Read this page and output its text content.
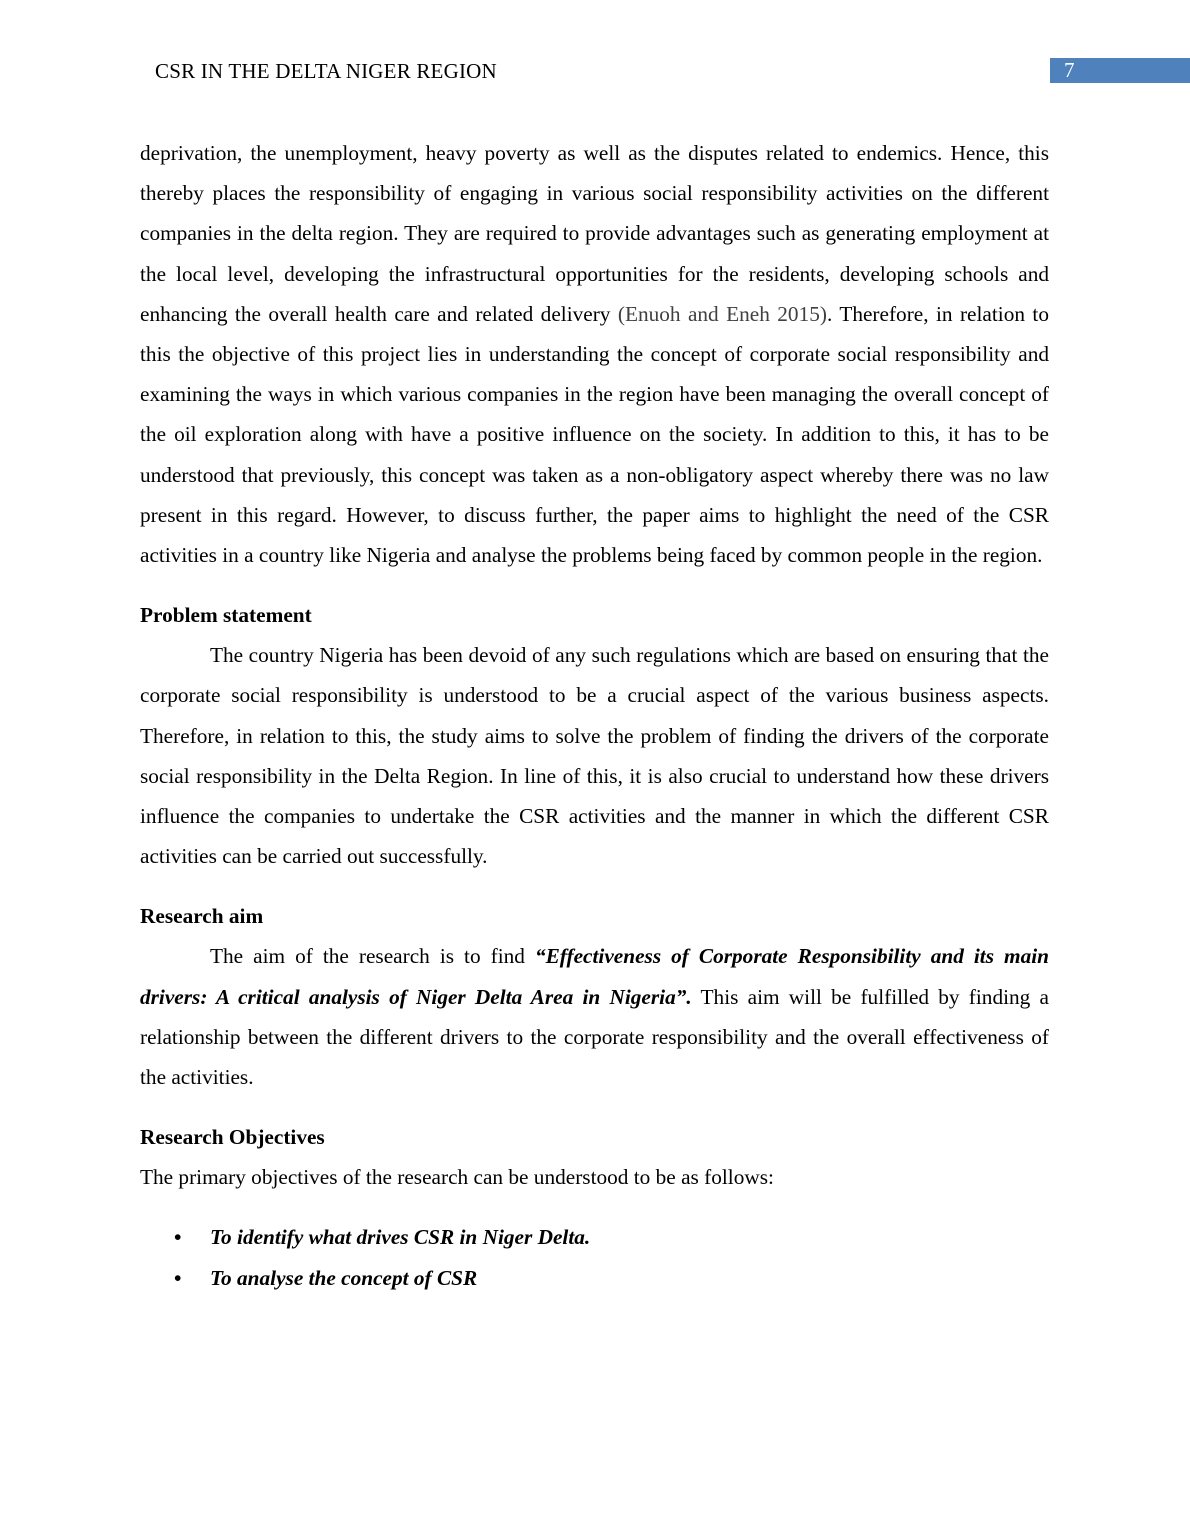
CSR IN THE DELTA NIGER REGION	7

deprivation, the unemployment, heavy poverty as well as the disputes related to endemics. Hence, this thereby places the responsibility of engaging in various social responsibility activities on the different companies in the delta region. They are required to provide advantages such as generating employment at the local level, developing the infrastructural opportunities for the residents, developing schools and enhancing the overall health care and related delivery (Enuoh and Eneh 2015). Therefore, in relation to this the objective of this project lies in understanding the concept of corporate social responsibility and examining the ways in which various companies in the region have been managing the overall concept of the oil exploration along with have a positive influence on the society. In addition to this, it has to be understood that previously, this concept was taken as a non-obligatory aspect whereby there was no law present in this regard. However, to discuss further, the paper aims to highlight the need of the CSR activities in a country like Nigeria and analyse the problems being faced by common people in the region.

Problem statement

The country Nigeria has been devoid of any such regulations which are based on ensuring that the corporate social responsibility is understood to be a crucial aspect of the various business aspects. Therefore, in relation to this, the study aims to solve the problem of finding the drivers of the corporate social responsibility in the Delta Region. In line of this, it is also crucial to understand how these drivers influence the companies to undertake the CSR activities and the manner in which the different CSR activities can be carried out successfully.

Research aim

The aim of the research is to find “Effectiveness of Corporate Responsibility and its main drivers: A critical analysis of Niger Delta Area in Nigeria”. This aim will be fulfilled by finding a relationship between the different drivers to the corporate responsibility and the overall effectiveness of the activities.

Research Objectives

The primary objectives of the research can be understood to be as follows:

• To identify what drives CSR in Niger Delta.
• To analyse the concept of CSR
